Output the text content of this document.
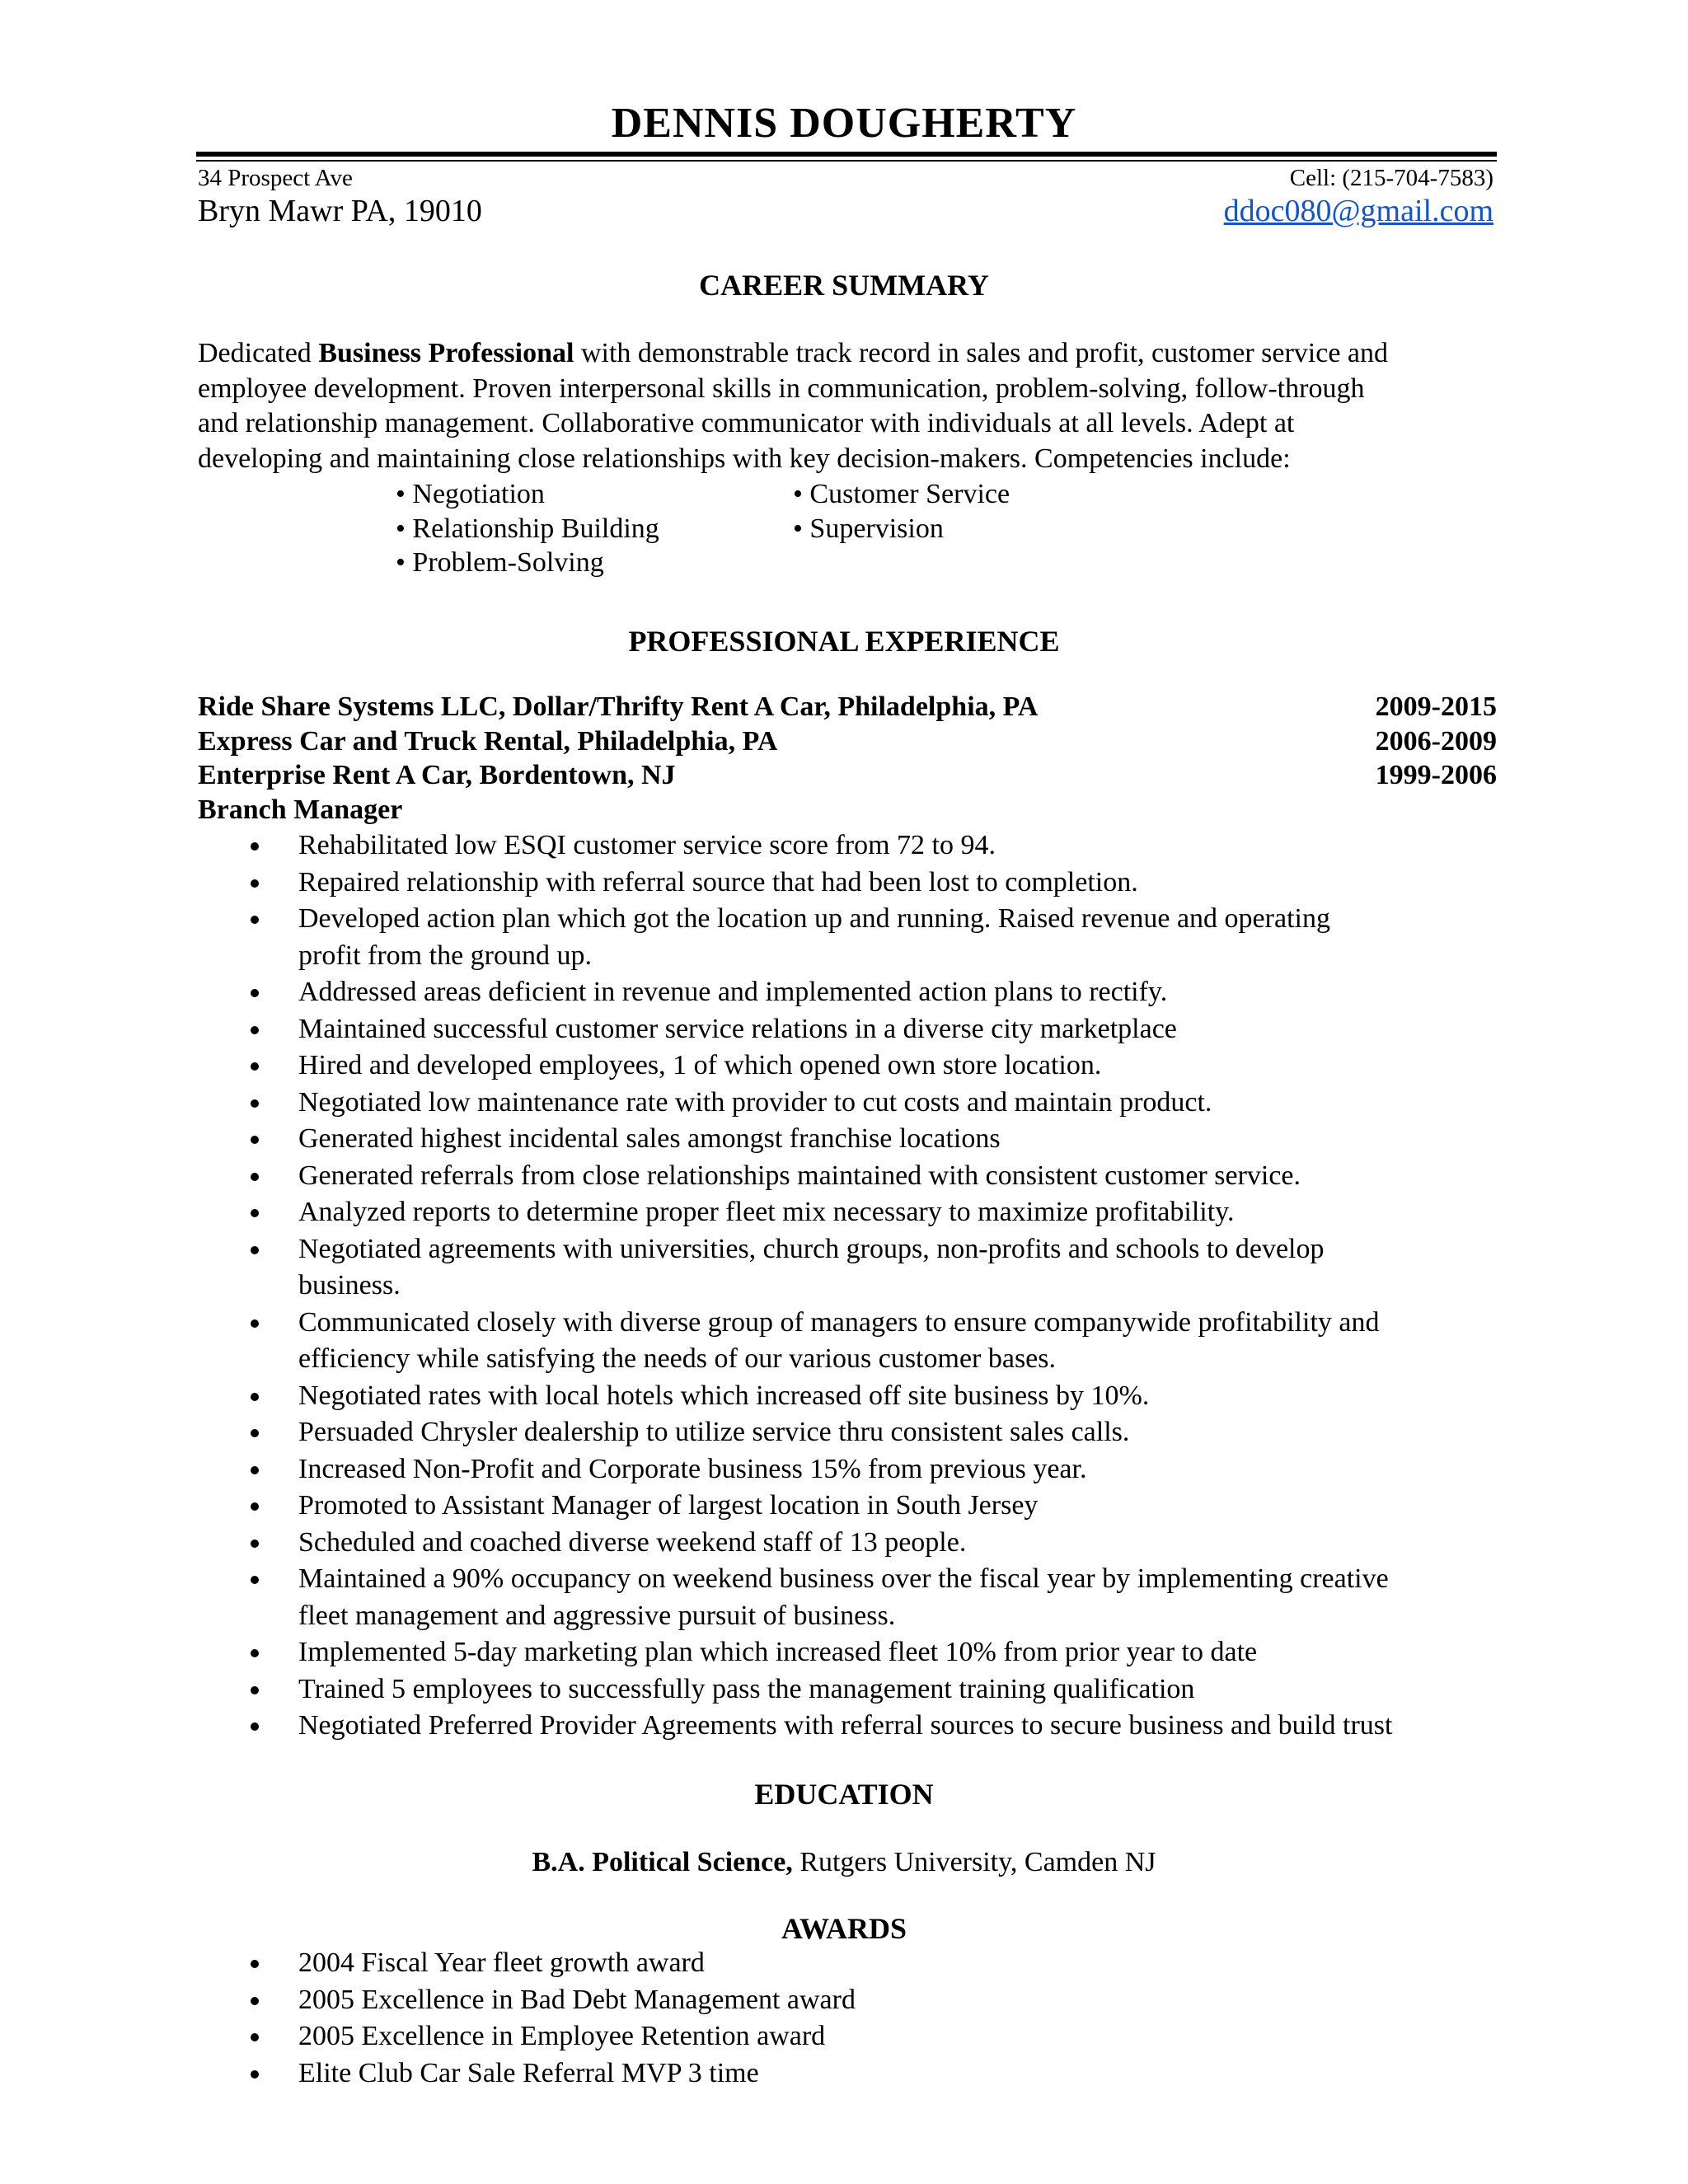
DENNIS DOUGHERTY
34 Prospect Ave	Cell: (215-704-7583)
Bryn Mawr PA, 19010	ddoc080@gmail.com
CAREER SUMMARY
Dedicated Business Professional with demonstrable track record in sales and profit, customer service and
employee development. Proven interpersonal skills in communication, problem-solving, follow-through
and relationship management. Collaborative communicator with individuals at all levels. Adept at
developing and maintaining close relationships with key decision-makers. Competencies include:
• Negotiation	• Customer Service
• Relationship Building	• Supervision
• Problem-Solving
PROFESSIONAL EXPERIENCE
Ride Share Systems LLC, Dollar/Thrifty Rent A Car, Philadelphia, PA	2009-2015
Express Car and Truck Rental, Philadelphia, PA	2006-2009
Enterprise Rent A Car, Bordentown, NJ	1999-2006
Branch Manager
Rehabilitated low ESQI customer service score from 72 to 94.
Repaired relationship with referral source that had been lost to completion.
Developed action plan which got the location up and running. Raised revenue and operating
profit from the ground up.
Addressed areas deficient in revenue and implemented action plans to rectify.
Maintained successful customer service relations in a diverse city marketplace
Hired and developed employees, 1 of which opened own store location.
Negotiated low maintenance rate with provider to cut costs and maintain product.
Generated highest incidental sales amongst franchise locations
Generated referrals from close relationships maintained with consistent customer service.
Analyzed reports to determine proper fleet mix necessary to maximize profitability.
Negotiated agreements with universities, church groups, non-profits and schools to develop
business.
Communicated closely with diverse group of managers to ensure companywide profitability and
efficiency while satisfying the needs of our various customer bases.
Negotiated rates with local hotels which increased off site business by 10%.
Persuaded Chrysler dealership to utilize service thru consistent sales calls.
Increased Non-Profit and Corporate business 15% from previous year.
Promoted to Assistant Manager of largest location in South Jersey
Scheduled and coached diverse weekend staff of 13 people.
Maintained a 90% occupancy on weekend business over the fiscal year by implementing creative
fleet management and aggressive pursuit of business.
Implemented 5-day marketing plan which increased fleet 10% from prior year to date
Trained 5 employees to successfully pass the management training qualification
Negotiated Preferred Provider Agreements with referral sources to secure business and build trust
EDUCATION
B.A. Political Science, Rutgers University, Camden NJ
AWARDS
2004 Fiscal Year fleet growth award
2005 Excellence in Bad Debt Management award
2005 Excellence in Employee Retention award
Elite Club Car Sale Referral MVP 3 time
